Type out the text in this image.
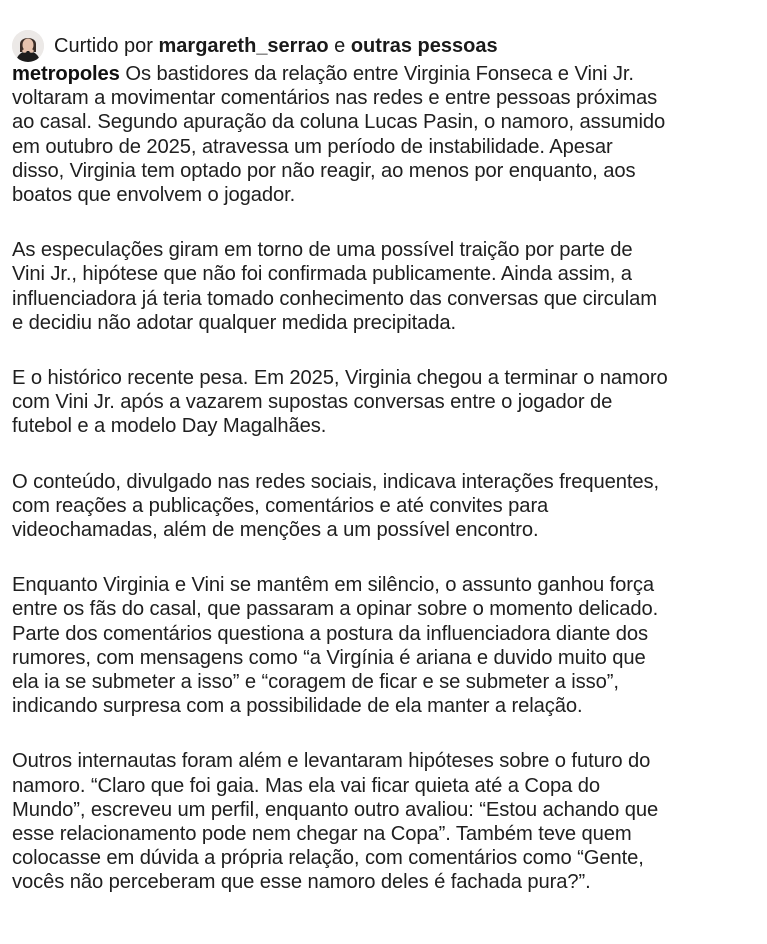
Curtido por margareth_serrao e outras pessoas

metropoles Os bastidores da relação entre Virginia Fonseca e Vini Jr.
voltaram a movimentar comentários nas redes e entre pessoas próximas
ao casal. Segundo apuração da coluna Lucas Pasin, o namoro, assumido
em outubro de 2025, atravessa um período de instabilidade. Apesar
disso, Virginia tem optado por não reagir, ao menos por enquanto, aos
boatos que envolvem o jogador.

As especulações giram em torno de uma possível traição por parte de
Vini Jr., hipótese que não foi confirmada publicamente. Ainda assim, a
influenciadora já teria tomado conhecimento das conversas que circulam
e decidiu não adotar qualquer medida precipitada.

E o histórico recente pesa. Em 2025, Virginia chegou a terminar o namoro
com Vini Jr. após a vazarem supostas conversas entre o jogador de
futebol e a modelo Day Magalhães.

O conteúdo, divulgado nas redes sociais, indicava interações frequentes,
com reações a publicações, comentários e até convites para
videochamadas, além de menções a um possível encontro.

Enquanto Virginia e Vini se mantêm em silêncio, o assunto ganhou força
entre os fãs do casal, que passaram a opinar sobre o momento delicado.
Parte dos comentários questiona a postura da influenciadora diante dos
rumores, com mensagens como “a Virgínia é ariana e duvido muito que
ela ia se submeter a isso” e “coragem de ficar e se submeter a isso”,
indicando surpresa com a possibilidade de ela manter a relação.

Outros internautas foram além e levantaram hipóteses sobre o futuro do
namoro. “Claro que foi gaia. Mas ela vai ficar quieta até a Copa do
Mundo”, escreveu um perfil, enquanto outro avaliou: “Estou achando que
esse relacionamento pode nem chegar na Copa”. Também teve quem
colocasse em dúvida a própria relação, com comentários como “Gente,
vocês não perceberam que esse namoro deles é fachada pura?”.
